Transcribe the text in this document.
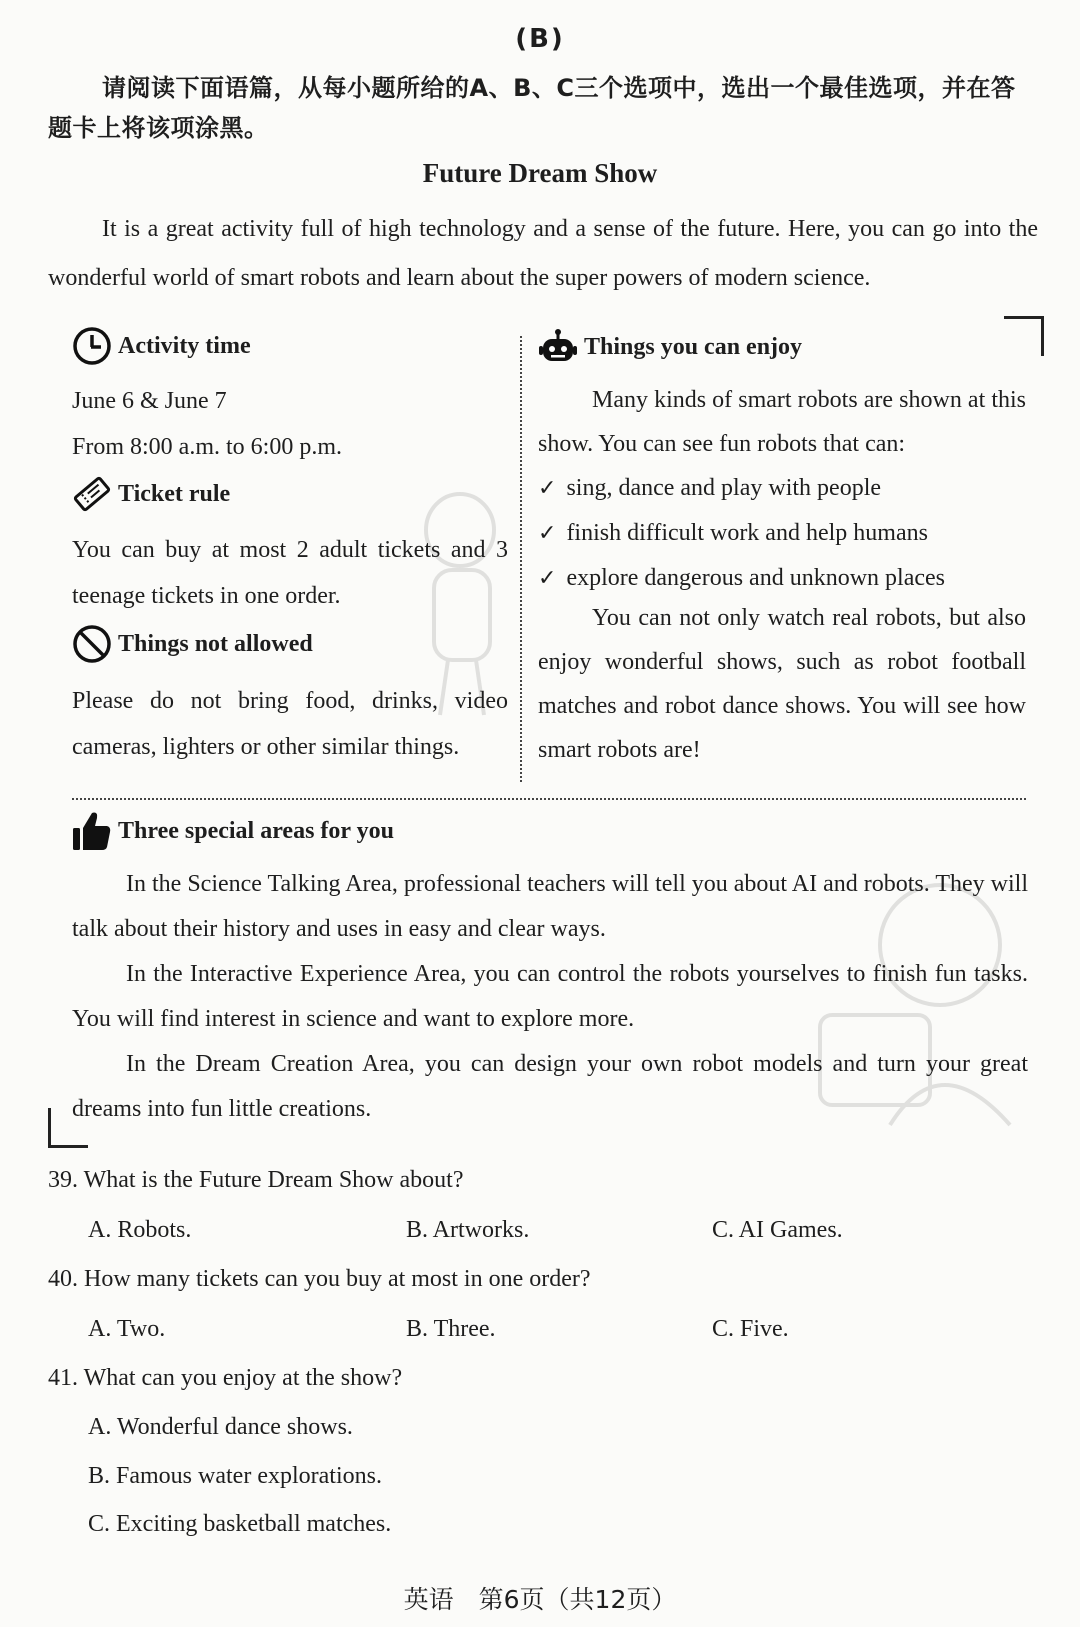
(B)
请阅读下面语篇，从每小题所给的A、B、C三个选项中，选出一个最佳选项，并在答题卡上将该项涂黑。
Future Dream Show
It is a great activity full of high technology and a sense of the future. Here, you can go into the wonderful world of smart robots and learn about the super powers of modern science.
Activity time
June 6 & June 7
From 8:00 a.m. to 6:00 p.m.
Ticket rule
You can buy at most 2 adult tickets and 3 teenage tickets in one order.
Things not allowed
Please do not bring food, drinks, video cameras, lighters or other similar things.
Things you can enjoy
Many kinds of smart robots are shown at this show. You can see fun robots that can:
✓ sing, dance and play with people
✓ finish difficult work and help humans
✓ explore dangerous and unknown places
You can not only watch real robots, but also enjoy wonderful shows, such as robot football matches and robot dance shows. You will see how smart robots are!
Three special areas for you

In the Science Talking Area, professional teachers will tell you about AI and robots. They will talk about their history and uses in easy and clear ways.

In the Interactive Experience Area, you can control the robots yourselves to finish fun tasks. You will find interest in science and want to explore more.

In the Dream Creation Area, you can design your own robot models and turn your great dreams into fun little creations.

39. What is the Future Dream Show about?
A. Robots.	B. Artworks.	C. AI Games.
40. How many tickets can you buy at most in one order?
A. Two.	B. Three.	C. Five.
41. What can you enjoy at the show?
A. Wonderful dance shows.
B. Famous water explorations.
C. Exciting basketball matches.
英语　第6页（共12页）
